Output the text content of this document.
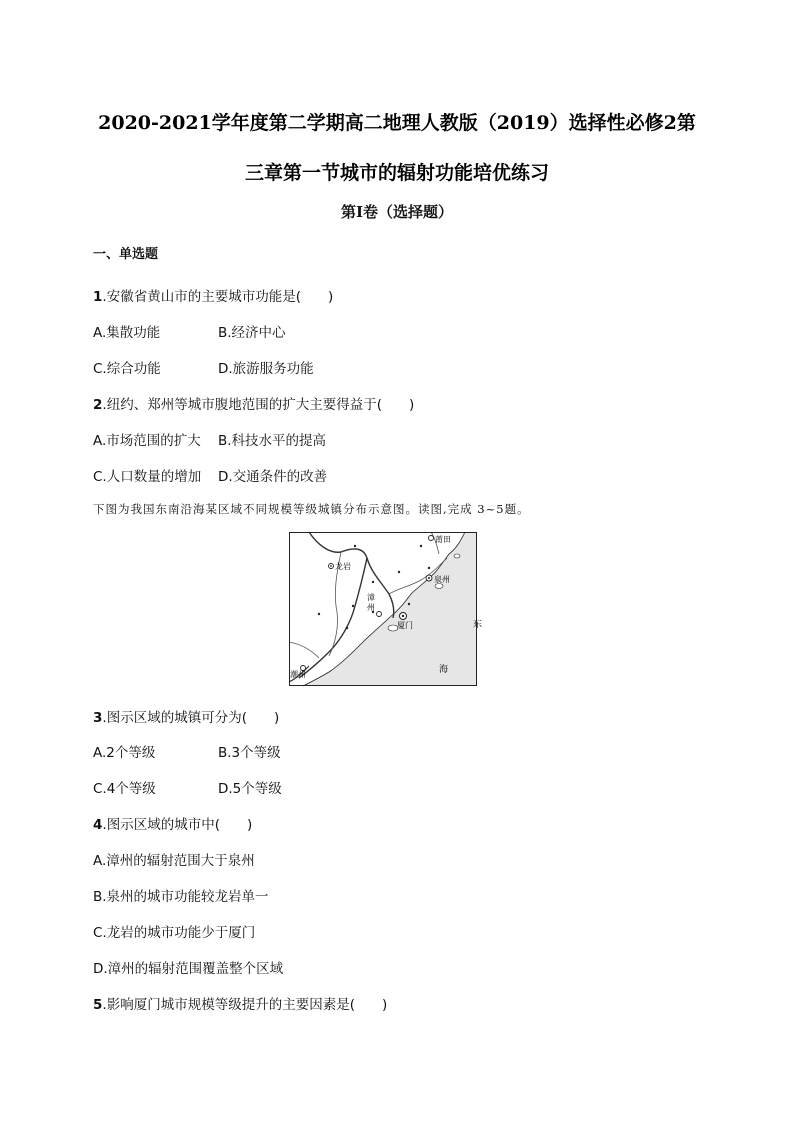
2020-2021学年度第二学期高二地理人教版（2019）选择性必修2第
三章第一节城市的辐射功能培优练习
第I卷（选择题）
一、单选题
1.安徽省黄山市的主要城市功能是(　　)
A.集散功能	B.经济中心
C.综合功能	D.旅游服务功能
2.纽约、郑州等城市腹地范围的扩大主要得益于(　　)
A.市场范围的扩大 B.科技水平的提高
C.人口数量的增加 D.交通条件的改善
下图为我国东南沿海某区域不同规模等级城镇分布示意图。读图,完成 3~5题。
莆田
龙岩
泉州
漳
州
厦门	东
海
潮州
3.图示区域的城镇可分为(　　)
A.2个等级	B.3个等级
C.4个等级	D.5个等级
4.图示区域的城市中(　　)
A.漳州的辐射范围大于泉州
B.泉州的城市功能较龙岩单一
C.龙岩的城市功能少于厦门
D.漳州的辐射范围覆盖整个区域
5.影响厦门城市规模等级提升的主要因素是(　　)
